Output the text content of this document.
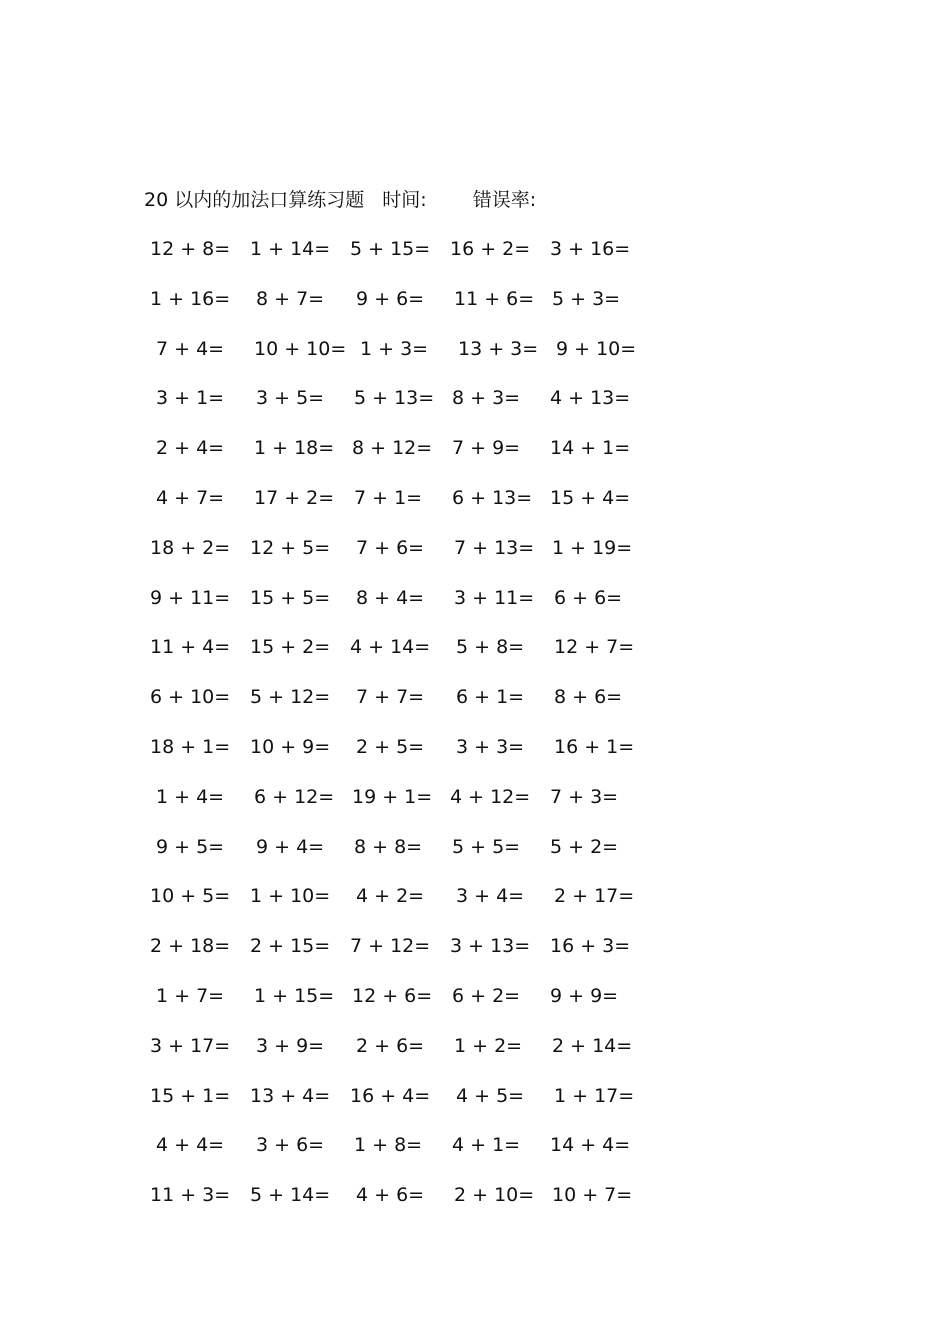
20 以内的加法口算练习题 时间: 错误率:
12 + 8=	1 + 14=	5 + 15=	16 + 2=	3 + 16=
1 + 16=	8 + 7=	9 + 6=	11 + 6= 5 + 3=
7 + 4=	10 + 10= 1 + 3=	13 + 3= 9 + 10=
3 + 1=	3 + 5=	5 + 13= 8 + 3=	4 + 13=
2 + 4=	1 + 18= 8 + 12=	7 + 9=	14 + 1=
4 + 7=	17 + 2=	7 + 1=	6 + 13= 15 + 4=
18 + 2=	12 + 5=	7 + 6=	7 + 13= 1 + 19=
9 + 11=	15 + 5=	8 + 4=	3 + 11=	6 + 6=
11 + 4=	15 + 2=	4 + 14=	5 + 8=	12 + 7=
6 + 10=	5 + 12=	7 + 7=	6 + 1=	8 + 6=
18 + 1=	10 + 9=	2 + 5=	3 + 3=	16 + 1=
1 + 4=	6 + 12= 19 + 1= 4 + 12=	7 + 3=
9 + 5=	9 + 4=	8 + 8=	5 + 5=	5 + 2=
10 + 5=	1 + 10=	4 + 2=	3 + 4=	2 + 17=
2 + 18=	2 + 15=	7 + 12=	3 + 13=	16 + 3=
1 + 7=	1 + 15= 12 + 6=	6 + 2=	9 + 9=
3 + 17=	3 + 9=	2 + 6=	1 + 2=	2 + 14=
15 + 1=	13 + 4=	16 + 4=	4 + 5=	1 + 17=
4 + 4=	3 + 6=	1 + 8=	4 + 1=	14 + 4=
11 + 3=	5 + 14=	4 + 6=	2 + 10= 10 + 7=
